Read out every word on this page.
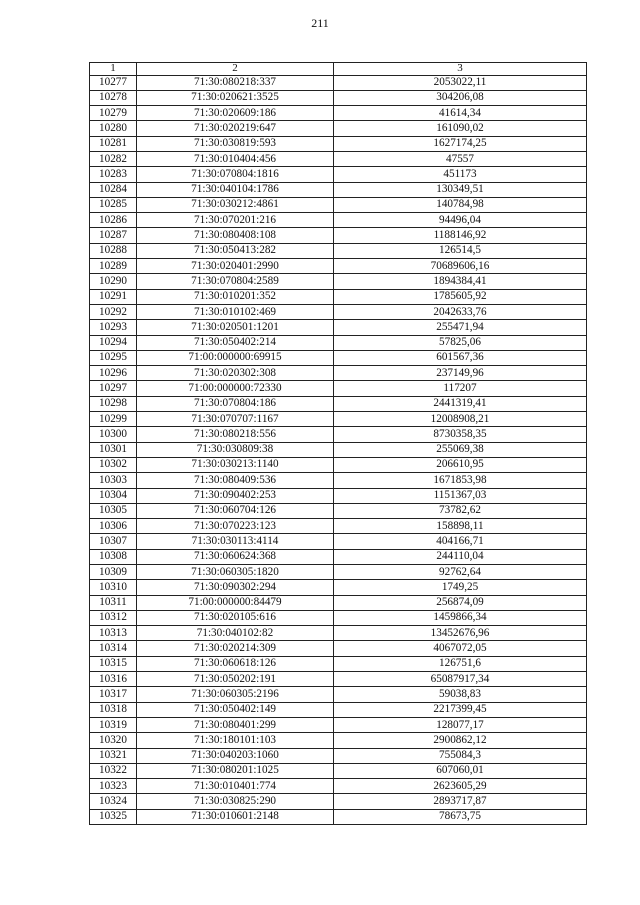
211
1	2	3
10277	71:30:080218:337	2053022,11
10278	71:30:020621:3525	304206,08
10279	71:30:020609:186	41614,34
10280	71:30:020219:647	161090,02
10281	71:30:030819:593	1627174,25
10282	71:30:010404:456	47557
10283	71:30:070804:1816	451173
10284	71:30:040104:1786	130349,51
10285	71:30:030212:4861	140784,98
10286	71:30:070201:216	94496,04
10287	71:30:080408:108	1188146,92
10288	71:30:050413:282	126514,5
10289	71:30:020401:2990	70689606,16
10290	71:30:070804:2589	1894384,41
10291	71:30:010201:352	1785605,92
10292	71:30:010102:469	2042633,76
10293	71:30:020501:1201	255471,94
10294	71:30:050402:214	57825,06
10295	71:00:000000:69915	601567,36
10296	71:30:020302:308	237149,96
10297	71:00:000000:72330	117207
10298	71:30:070804:186	2441319,41
10299	71:30:070707:1167	12008908,21
10300	71:30:080218:556	8730358,35
10301	71:30:030809:38	255069,38
10302	71:30:030213:1140	206610,95
10303	71:30:080409:536	1671853,98
10304	71:30:090402:253	1151367,03
10305	71:30:060704:126	73782,62
10306	71:30:070223:123	158898,11
10307	71:30:030113:4114	404166,71
10308	71:30:060624:368	244110,04
10309	71:30:060305:1820	92762,64
10310	71:30:090302:294	1749,25
10311	71:00:000000:84479	256874,09
10312	71:30:020105:616	1459866,34
10313	71:30:040102:82	13452676,96
10314	71:30:020214:309	4067072,05
10315	71:30:060618:126	126751,6
10316	71:30:050202:191	65087917,34
10317	71:30:060305:2196	59038,83
10318	71:30:050402:149	2217399,45
10319	71:30:080401:299	128077,17
10320	71:30:180101:103	2900862,12
10321	71:30:040203:1060	755084,3
10322	71:30:080201:1025	607060,01
10323	71:30:010401:774	2623605,29
10324	71:30:030825:290	2893717,87
10325	71:30:010601:2148	78673,75
